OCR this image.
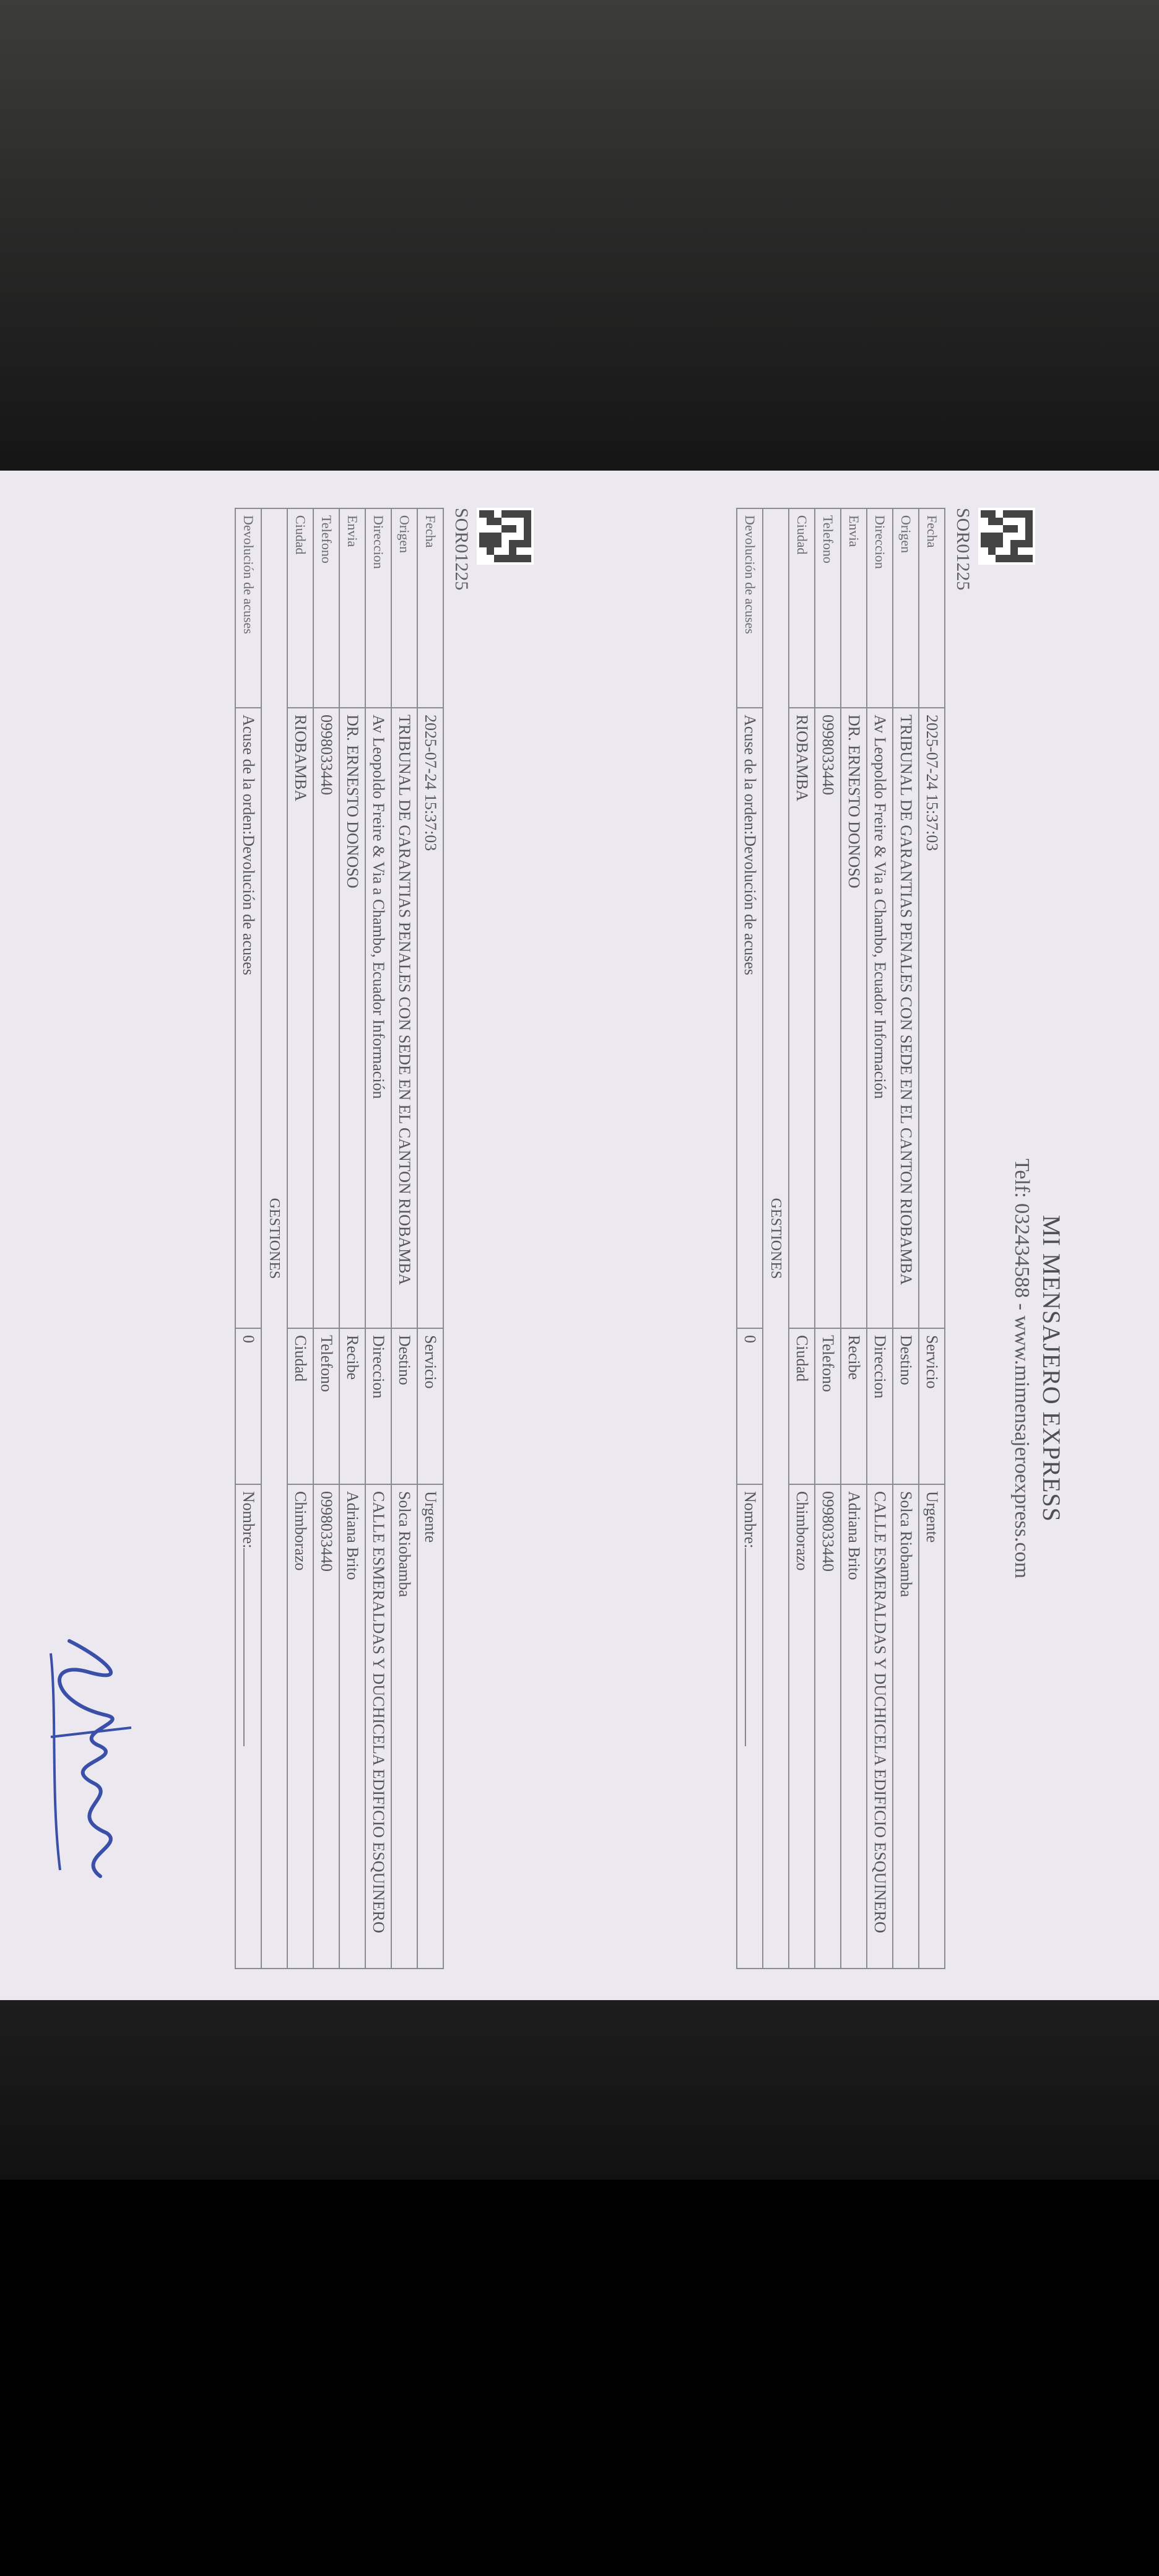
MI MENSAJERO EXPRESS
Telf: 032434588 - www.mimensajeroexpress.com
SOR01225
Fecha	2025-07-24 15:37:03	Servicio	Urgente
Origen	TRIBUNAL DE GARANTIAS PENALES CON SEDE EN EL CANTON RIOBAMBA	Destino	Solca Riobamba
Direccion	Av Leopoldo Freire & Via a Chambo, Ecuador Información	Direccion	CALLE ESMERALDAS Y DUCHICELA EDIFICIO ESQUINERO
Envia	DR. ERNESTO DONOSO	Recibe	Adriana Brito
Telefono	0998033440	Telefono	0998033440
Ciudad	RIOBAMBA	Ciudad	Chimborazo
GESTIONES			
Devolución de acuses	Acuse de la orden:Devolución de acuses	0	Nombre:
SOR01225
Fecha	2025-07-24 15:37:03	Servicio	Urgente
Origen	TRIBUNAL DE GARANTIAS PENALES CON SEDE EN EL CANTON RIOBAMBA	Destino	Solca Riobamba
Direccion	Av Leopoldo Freire & Via a Chambo, Ecuador Información	Direccion	CALLE ESMERALDAS Y DUCHICELA EDIFICIO ESQUINERO
Envia	DR. ERNESTO DONOSO	Recibe	Adriana Brito
Telefono	0998033440	Telefono	0998033440
Ciudad	RIOBAMBA	Ciudad	Chimborazo
GESTIONES			
Devolución de acuses	Acuse de la orden:Devolución de acuses	0	Nombre:
